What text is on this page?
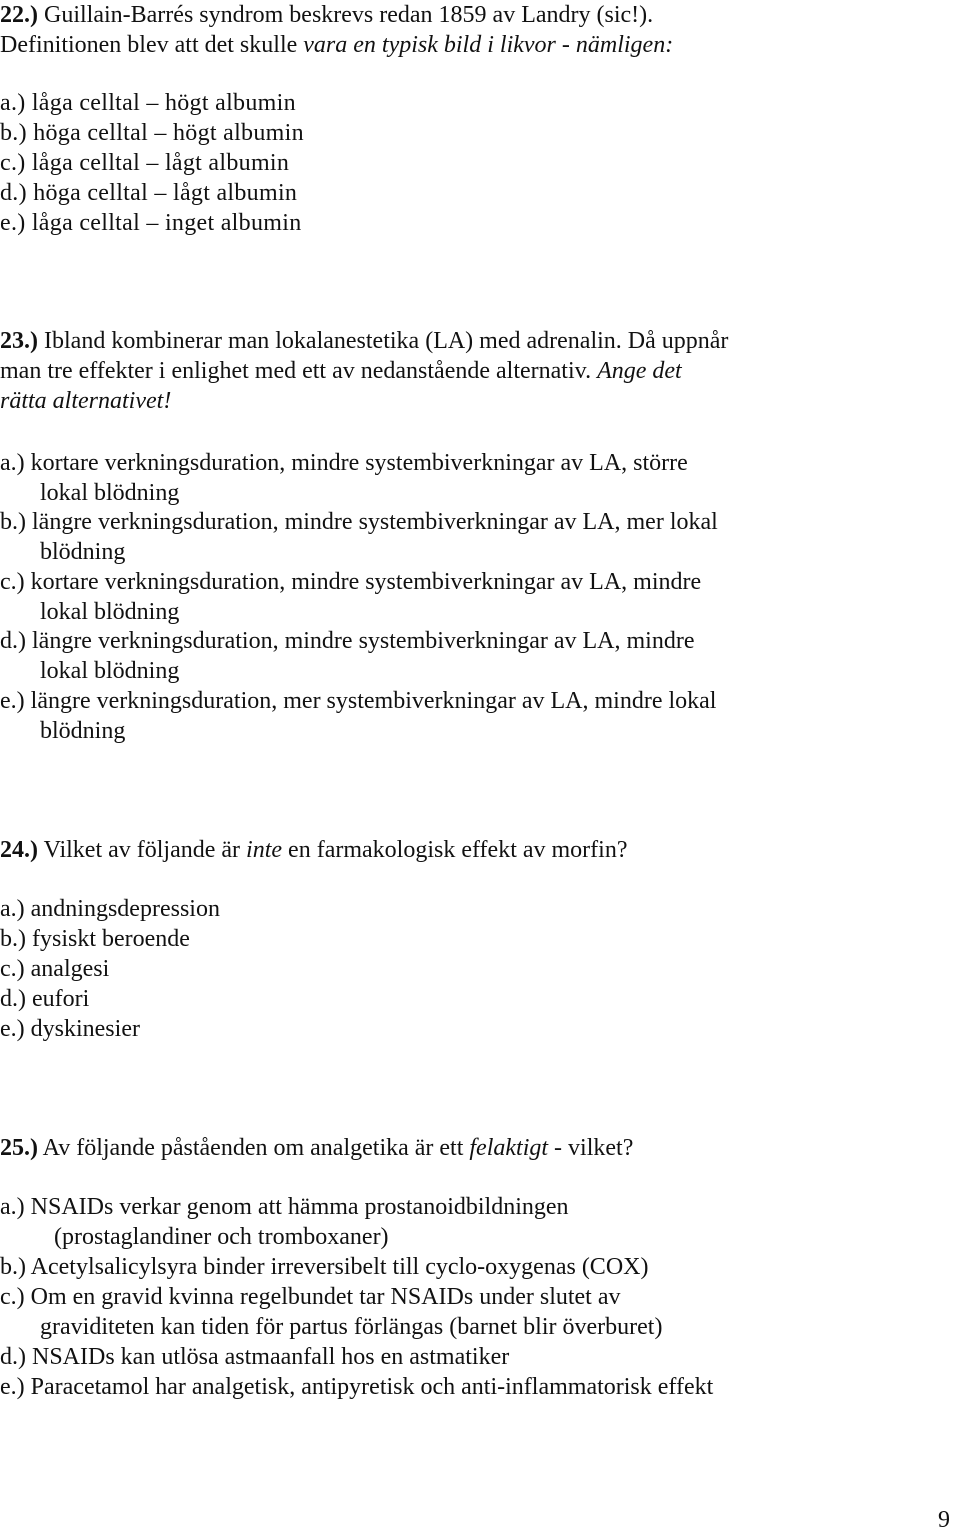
22.) Guillain-Barrés syndrom beskrevs redan 1859 av Landry (sic!).
Definitionen blev att det skulle vara en typisk bild i likvor - nämligen:
a.) låga celltal – högt albumin
b.) höga celltal – högt albumin
c.) låga celltal – lågt albumin
d.) höga celltal – lågt albumin
e.) låga celltal – inget albumin
23.) Ibland kombinerar man lokalanestetika (LA) med adrenalin. Då uppnår
man tre effekter i enlighet med ett av nedanstående alternativ. Ange det
rätta alternativet!
a.) kortare verkningsduration, mindre systembiverkningar av LA, större
lokal blödning
b.) längre verkningsduration, mindre systembiverkningar av LA, mer lokal
blödning
c.) kortare verkningsduration, mindre systembiverkningar av LA, mindre
lokal blödning
d.) längre verkningsduration, mindre systembiverkningar av LA, mindre
lokal blödning
e.) längre verkningsduration, mer systembiverkningar av LA, mindre lokal
blödning
24.) Vilket av följande är inte en farmakologisk effekt av morfin?
a.) andningsdepression
b.) fysiskt beroende
c.) analgesi
d.) eufori
e.) dyskinesier
25.) Av följande påståenden om analgetika är ett felaktigt - vilket?
a.) NSAIDs verkar genom att hämma prostanoidbildningen
(prostaglandiner och tromboxaner)
b.) Acetylsalicylsyra binder irreversibelt till cyclo-oxygenas (COX)
c.) Om en gravid kvinna regelbundet tar NSAIDs under slutet av
graviditeten kan tiden för partus förlängas (barnet blir överburet)
d.) NSAIDs kan utlösa astmaanfall hos en astmatiker
e.) Paracetamol har analgetisk, antipyretisk och anti-inflammatorisk effekt
9
